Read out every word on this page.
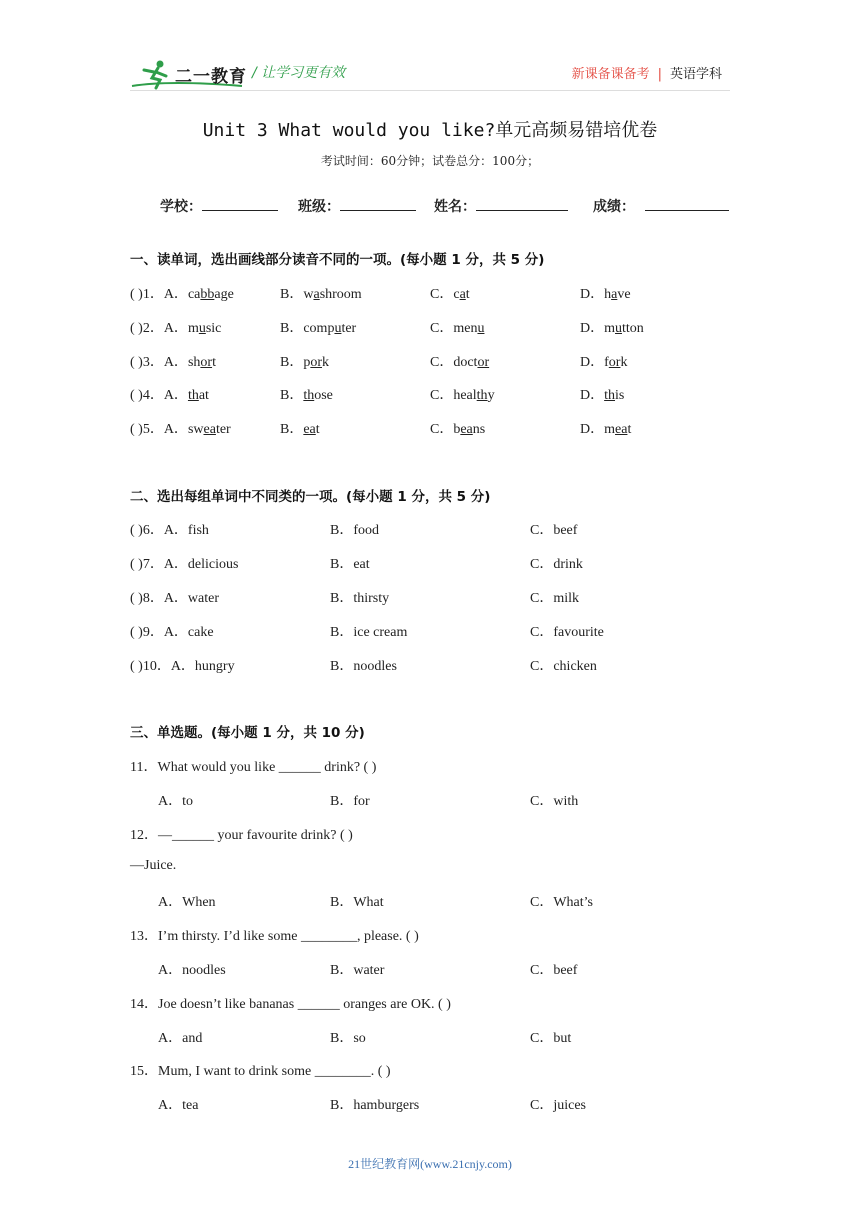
二一教育 / 让学习更有效	新课备课备考 | 英语学科
Unit 3 What would you like?单元高频易错培优卷
考试时间：60分钟；试卷总分：100分；
学校：	班级：	姓名：	成绩：
一、读单词，选出画线部分读音不同的一项。(每小题 1 分，共 5 分)
( )1．A．cabbage	B．washroom	C．cat	D．have
( )2．A．music	B．computer	C．menu	D．mutton
( )3．A．short	B．pork	C．doctor	D．fork
( )4．A．that	B．those	C．healthy	D．this
( )5．A．sweater	B．eat	C．beans	D．meat
二、选出每组单词中不同类的一项。(每小题 1 分，共 5 分)
( )6．A．fish	B．food	C．beef
( )7．A．delicious	B．eat	C．drink
( )8．A．water	B．thirsty	C．milk
( )9．A．cake	B．ice cream	C．favourite
( )10．A．hungry	B．noodles	C．chicken
三、单选题。(每小题 1 分，共 10 分)
11．What would you like ______ drink? ( )
A．to	B．for	C．with
12．—______ your favourite drink? ( )
—Juice.
A．When	B．What	C．What’s
13．I’m thirsty. I’d like some ________, please. ( )
A．noodles	B．water	C．beef
14．Joe doesn’t like bananas ______ oranges are OK. ( )
A．and	B．so	C．but
15．Mum, I want to drink some ________. ( )
A．tea	B．hamburgers	C．juices
21世纪教育网(www.21cnjy.com)
